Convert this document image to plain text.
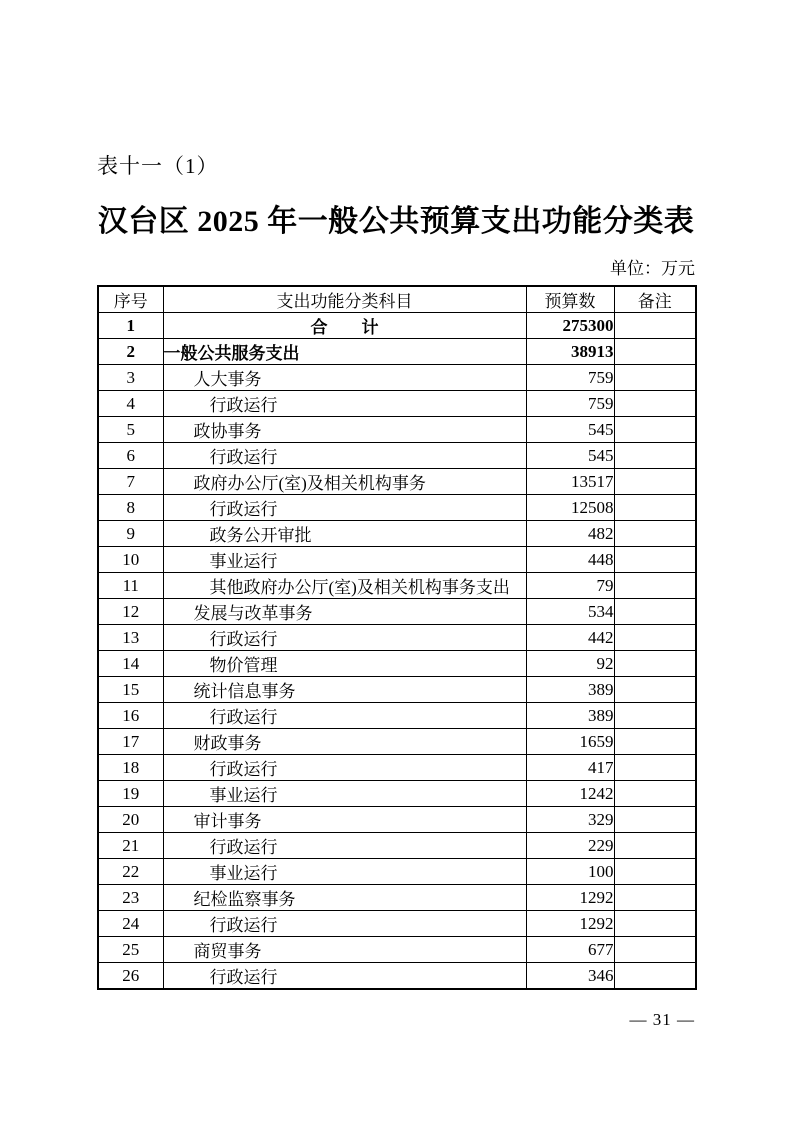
表十一（1）
汉台区 2025 年一般公共预算支出功能分类表
单位：万元
序号	支出功能分类科目	预算数	备注
1	合　　计	275300	
2	一般公共服务支出	38913	
3	人大事务	759	
4	行政运行	759	
5	政协事务	545	
6	行政运行	545	
7	政府办公厅(室)及相关机构事务	13517	
8	行政运行	12508	
9	政务公开审批	482	
10	事业运行	448	
11	其他政府办公厅(室)及相关机构事务支出	79	
12	发展与改革事务	534	
13	行政运行	442	
14	物价管理	92	
15	统计信息事务	389	
16	行政运行	389	
17	财政事务	1659	
18	行政运行	417	
19	事业运行	1242	
20	审计事务	329	
21	行政运行	229	
22	事业运行	100	
23	纪检监察事务	1292	
24	行政运行	1292	
25	商贸事务	677	
26	行政运行	346	
— 31 —
